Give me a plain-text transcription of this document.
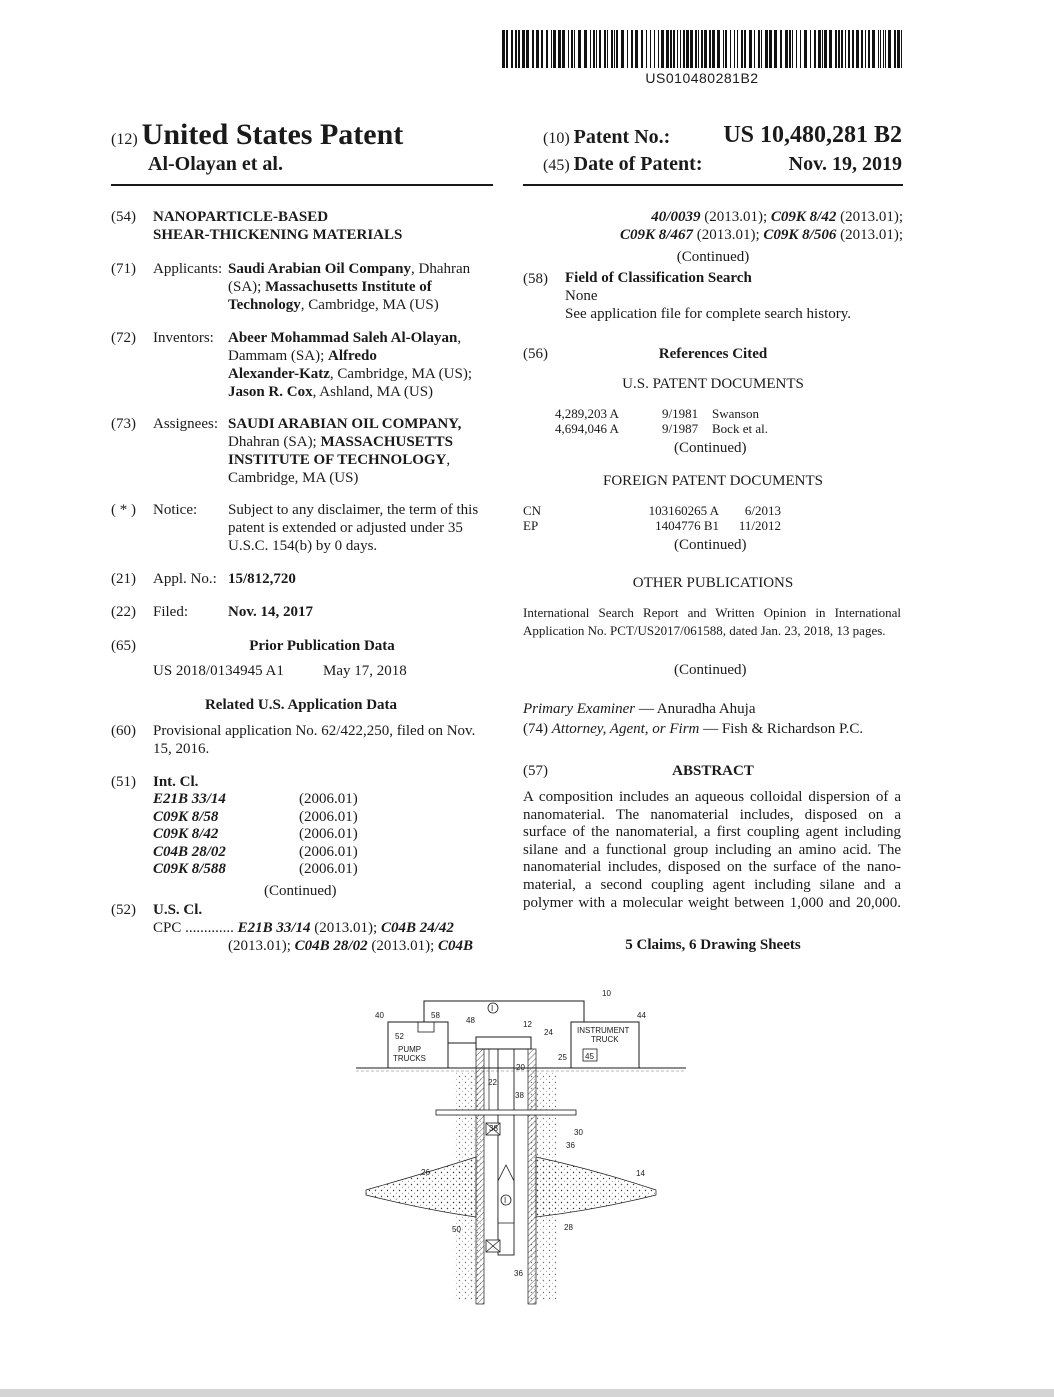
US010480281B2
(12) United States Patent
Al-Olayan et al.
(10) Patent No.: US 10,480,281 B2
(45) Date of Patent:	Nov. 19, 2019
(54) NANOPARTICLE-BASED
SHEAR-THICKENING MATERIALS
(71) Applicants: Saudi Arabian Oil Company, Dhahran
(SA); Massachusetts Institute of
Technology, Cambridge, MA (US)
(72) Inventors: Abeer Mohammad Saleh Al-Olayan,
Dammam (SA); Alfredo
Alexander-Katz, Cambridge, MA (US);
Jason R. Cox, Ashland, MA (US)
(73) Assignees: SAUDI ARABIAN OIL COMPANY,
Dhahran (SA); MASSACHUSETTS
INSTITUTE OF TECHNOLOGY,
Cambridge, MA (US)
( * ) Notice: Subject to any disclaimer, the term of this
patent is extended or adjusted under 35
U.S.C. 154(b) by 0 days.
(21) Appl. No.: 15/812,720
(22) Filed:	Nov. 14, 2017
(65)	Prior Publication Data
US 2018/0134945 A1	May 17, 2018
Related U.S. Application Data
(60) Provisional application No. 62/422,250, filed on Nov.
15, 2016.
(51) Int. Cl.
E21B 33/14	(2006.01)
C09K 8/58	(2006.01)
C09K 8/42	(2006.01)
C04B 28/02	(2006.01)
C09K 8/588	(2006.01)
(Continued)
(52) U.S. Cl.
CPC ............. E21B 33/14 (2013.01); C04B 24/42
(2013.01); C04B 28/02 (2013.01); C04B
40/0039 (2013.01); C09K 8/42 (2013.01);
C09K 8/467 (2013.01); C09K 8/506 (2013.01);
(Continued)
(58) Field of Classification Search
None
See application file for complete search history.
(56)	References Cited
U.S. PATENT DOCUMENTS
4,289,203 A	9/1981	Swanson
4,694,046 A	9/1987	Bock et al.
(Continued)
FOREIGN PATENT DOCUMENTS
CN	103160265 A	6/2013
EP	1404776 B1	11/2012
(Continued)
OTHER PUBLICATIONS
International Search Report and Written Opinion in International Application No. PCT/US2017/061588, dated Jan. 23, 2018, 13 pages.
(Continued)
Primary Examiner — Anuradha Ahuja
(74) Attorney, Agent, or Firm — Fish & Richardson P.C.
(57)	ABSTRACT
A composition includes an aqueous colloidal dispersion of a
nanomaterial. The nanomaterial includes, disposed on a
surface of the nanomaterial, a first coupling agent including
silane and a functional group including an amino acid. The
nanomaterial includes, disposed on the surface of the nano-
material, a second coupling agent including silane and a
polymer with a molecular weight between 1,000 and 20,000.
5 Claims, 6 Drawing Sheets
52
PUMP
TRUCKS
40
INSTRUMENT
TRUCK
45
44
I
10
58
48	12
24
25
I
20
22
38
38	30
36
14
26
50	28
36
